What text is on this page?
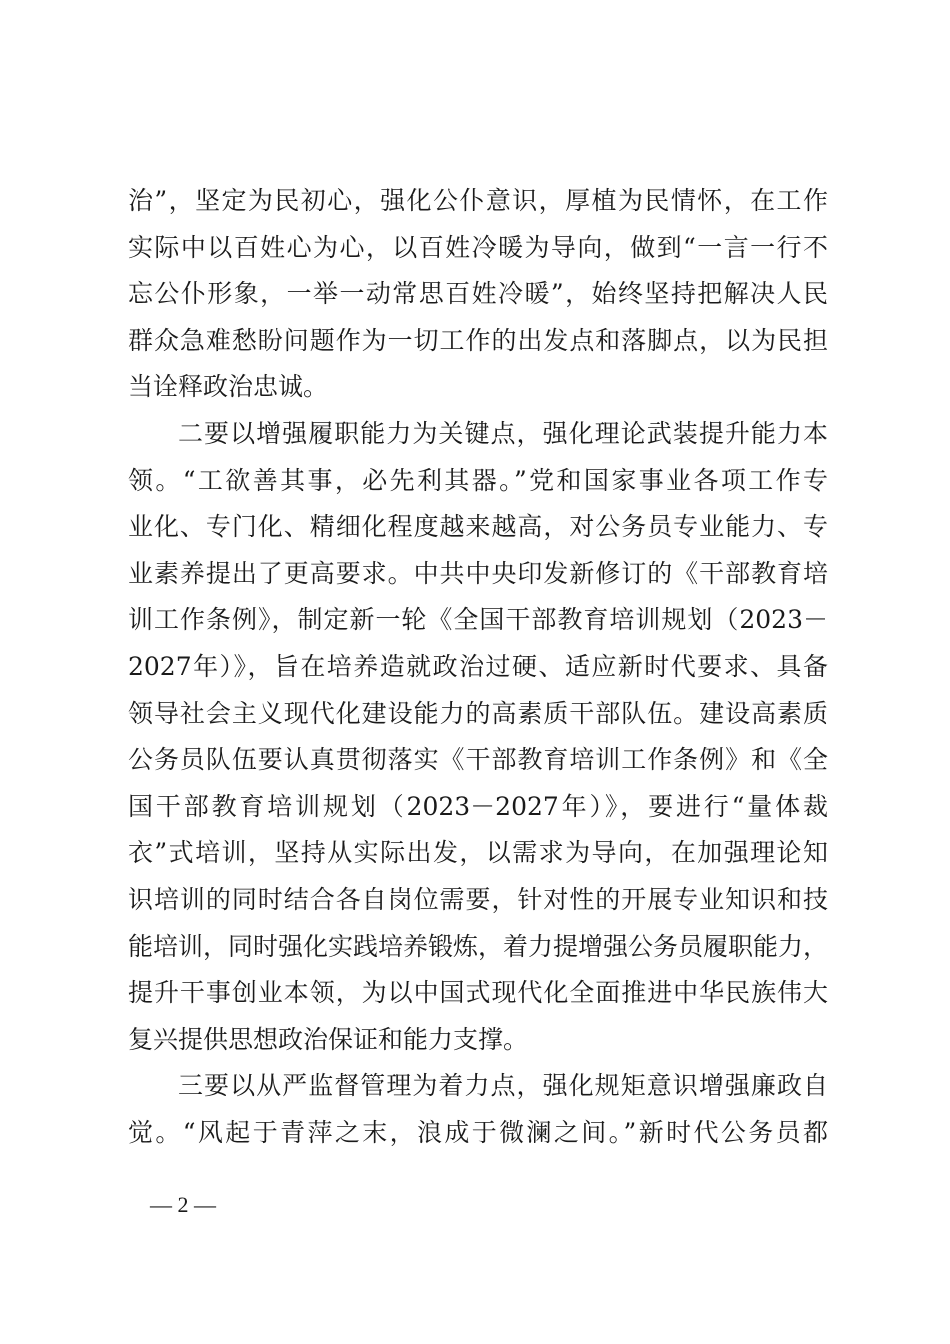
治”，坚定为民初心，强化公仆意识，厚植为民情怀，在工作
实际中以百姓心为心，以百姓冷暖为导向，做到“一言一行不
忘公仆形象，一举一动常思百姓冷暖”，始终坚持把解决人民
群众急难愁盼问题作为一切工作的出发点和落脚点，以为民担
当诠释政治忠诚。
二要以增强履职能力为关键点，强化理论武装提升能力本
领。“工欲善其事，必先利其器。”党和国家事业各项工作专
业化、专门化、精细化程度越来越高，对公务员专业能力、专
业素养提出了更高要求。中共中央印发新修订的《干部教育培
训工作条例》，制定新一轮《全国干部教育培训规划（2023－
2027年）》，旨在培养造就政治过硬、适应新时代要求、具备
领导社会主义现代化建设能力的高素质干部队伍。建设高素质
公务员队伍要认真贯彻落实《干部教育培训工作条例》和《全
国干部教育培训规划（2023－2027年）》，要进行“量体裁
衣”式培训，坚持从实际出发，以需求为导向，在加强理论知
识培训的同时结合各自岗位需要，针对性的开展专业知识和技
能培训，同时强化实践培养锻炼，着力提增强公务员履职能力，
提升干事创业本领，为以中国式现代化全面推进中华民族伟大
复兴提供思想政治保证和能力支撑。
三要以从严监督管理为着力点，强化规矩意识增强廉政自
觉。“风起于青萍之末，浪成于微澜之间。”新时代公务员都
— 2 —
